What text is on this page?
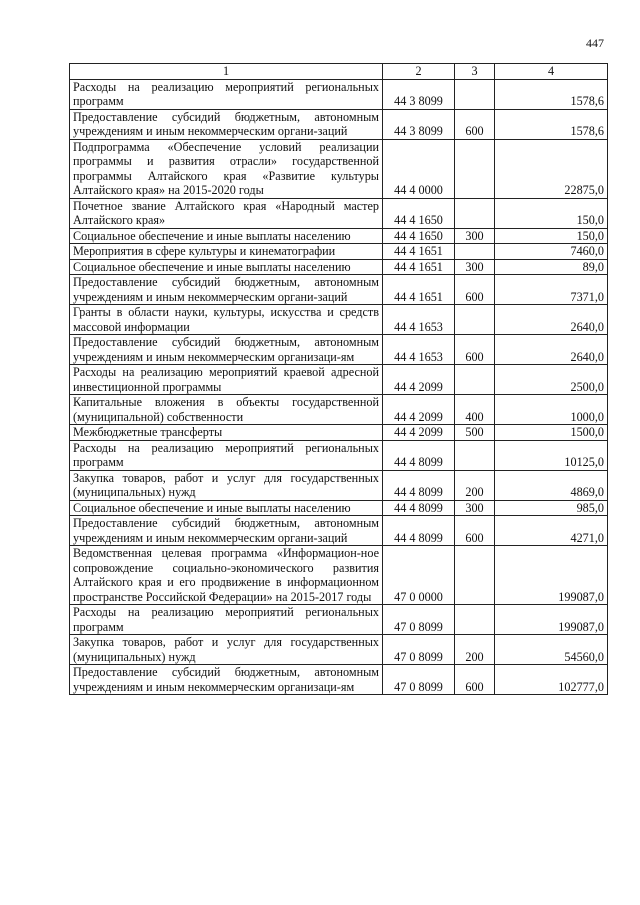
447
1	2	3	4
Расходы на реализацию мероприятий региональных программ	44 3 8099		1578,6
Предоставление субсидий бюджетным, автономным учреждениям и иным некоммерческим органи-заций	44 3 8099	600	1578,6
Подпрограмма «Обеспечение условий реализации программы и развития отрасли» государственной программы Алтайского края «Развитие культуры Алтайского края» на 2015-2020 годы	44 4 0000		22875,0
Почетное звание Алтайского края «Народный мастер Алтайского края»	44 4 1650		150,0
Социальное обеспечение и иные выплаты населению	44 4 1650	300	150,0
Мероприятия в сфере культуры и кинематографии	44 4 1651		7460,0
Социальное обеспечение и иные выплаты населению	44 4 1651	300	89,0
Предоставление субсидий бюджетным, автономным учреждениям и иным некоммерческим органи-заций	44 4 1651	600	7371,0
Гранты в области науки, культуры, искусства и средств массовой информации	44 4 1653		2640,0
Предоставление субсидий бюджетным, автономным учреждениям и иным некоммерческим организаци-ям	44 4 1653	600	2640,0
Расходы на реализацию мероприятий краевой адресной инвестиционной программы	44 4 2099		2500,0
Капитальные вложения в объекты государственной (муниципальной) собственности	44 4 2099	400	1000,0
Межбюджетные трансферты	44 4 2099	500	1500,0
Расходы на реализацию мероприятий региональных программ	44 4 8099		10125,0
Закупка товаров, работ и услуг для государственных (муниципальных) нужд	44 4 8099	200	4869,0
Социальное обеспечение и иные выплаты населению	44 4 8099	300	985,0
Предоставление субсидий бюджетным, автономным учреждениям и иным некоммерческим органи-заций	44 4 8099	600	4271,0
Ведомственная целевая программа «Информацион-ное сопровождение социально-экономического развития Алтайского края и его продвижение в информационном пространстве Российской Федерации» на 2015-2017 годы	47 0 0000		199087,0
Расходы на реализацию мероприятий региональных программ	47 0 8099		199087,0
Закупка товаров, работ и услуг для государственных (муниципальных) нужд	47 0 8099	200	54560,0
Предоставление субсидий бюджетным, автономным учреждениям и иным некоммерческим организаци-ям	47 0 8099	600	102777,0
